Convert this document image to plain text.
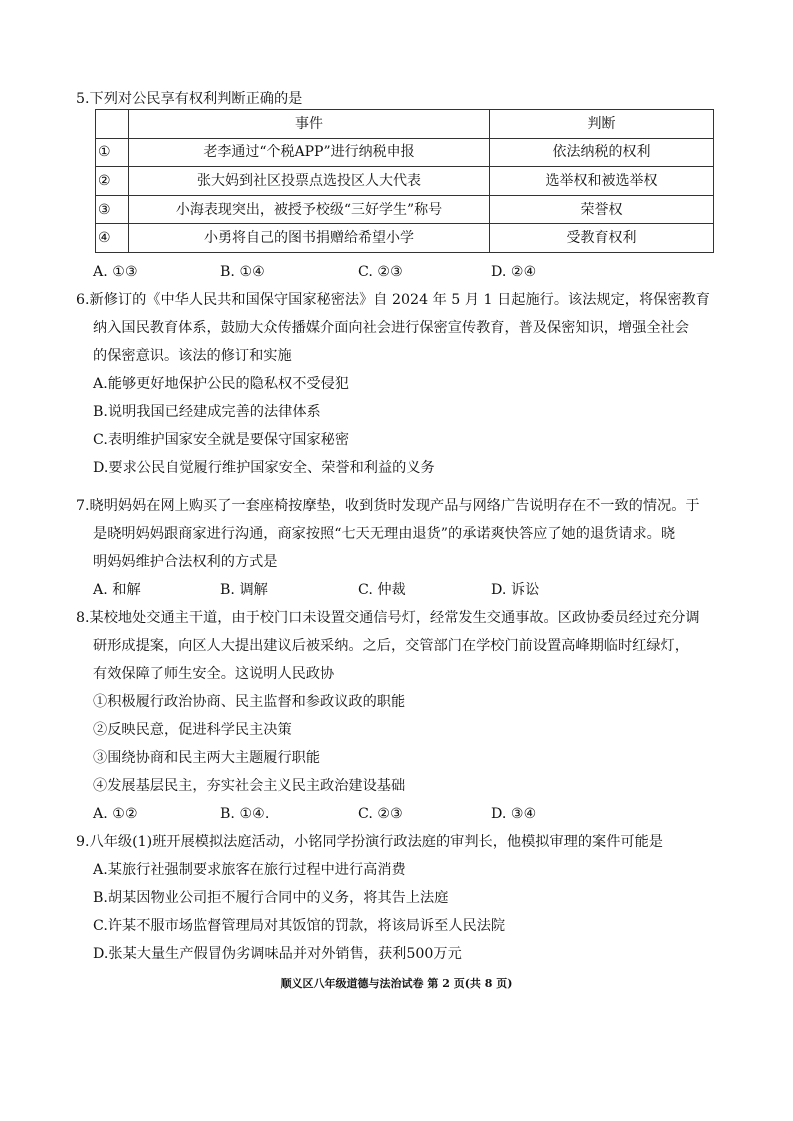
5.下列对公民享有权利判断正确的是
	事件	判断
①	老李通过“个税APP”进行纳税申报	依法纳税的权利
②	张大妈到社区投票点选投区人大代表	选举权和被选举权
③	小海表现突出，被授予校级“三好学生”称号	荣誉权
④	小勇将自己的图书捐赠给希望小学	受教育权利
A. ①③	B. ①④	C. ②③	D. ②④
6.新修订的《中华人民共和国保守国家秘密法》自 2024 年 5 月 1 日起施行。该法规定，将保密教育
纳入国民教育体系，鼓励大众传播媒介面向社会进行保密宣传教育，普及保密知识，增强全社会
的保密意识。该法的修订和实施
A.能够更好地保护公民的隐私权不受侵犯
B.说明我国已经建成完善的法律体系
C.表明维护国家安全就是要保守国家秘密
D.要求公民自觉履行维护国家安全、荣誉和利益的义务
7.晓明妈妈在网上购买了一套座椅按摩垫，收到货时发现产品与网络广告说明存在不一致的情况。于
是晓明妈妈跟商家进行沟通，商家按照“七天无理由退货”的承诺爽快答应了她的退货请求。晓
明妈妈维护合法权利的方式是
A. 和解	B. 调解	C. 仲裁	D. 诉讼
8.某校地处交通主干道，由于校门口未设置交通信号灯，经常发生交通事故。区政协委员经过充分调
研形成提案，向区人大提出建议后被采纳。之后，交管部门在学校门前设置高峰期临时红绿灯，
有效保障了师生安全。这说明人民政协
①积极履行政治协商、民主监督和参政议政的职能
②反映民意，促进科学民主决策
③围绕协商和民主两大主题履行职能
④发展基层民主，夯实社会主义民主政治建设基础
A. ①②	B. ①④.	C. ②③	D. ③④
9.八年级(1)班开展模拟法庭活动，小铭同学扮演行政法庭的审判长，他模拟审理的案件可能是
A.某旅行社强制要求旅客在旅行过程中进行高消费
B.胡某因物业公司拒不履行合同中的义务，将其告上法庭
C.许某不服市场监督管理局对其饭馆的罚款，将该局诉至人民法院
D.张某大量生产假冒伪劣调味品并对外销售，获利500万元
顺义区八年级道德与法治试卷 第 2 页(共 8 页)
